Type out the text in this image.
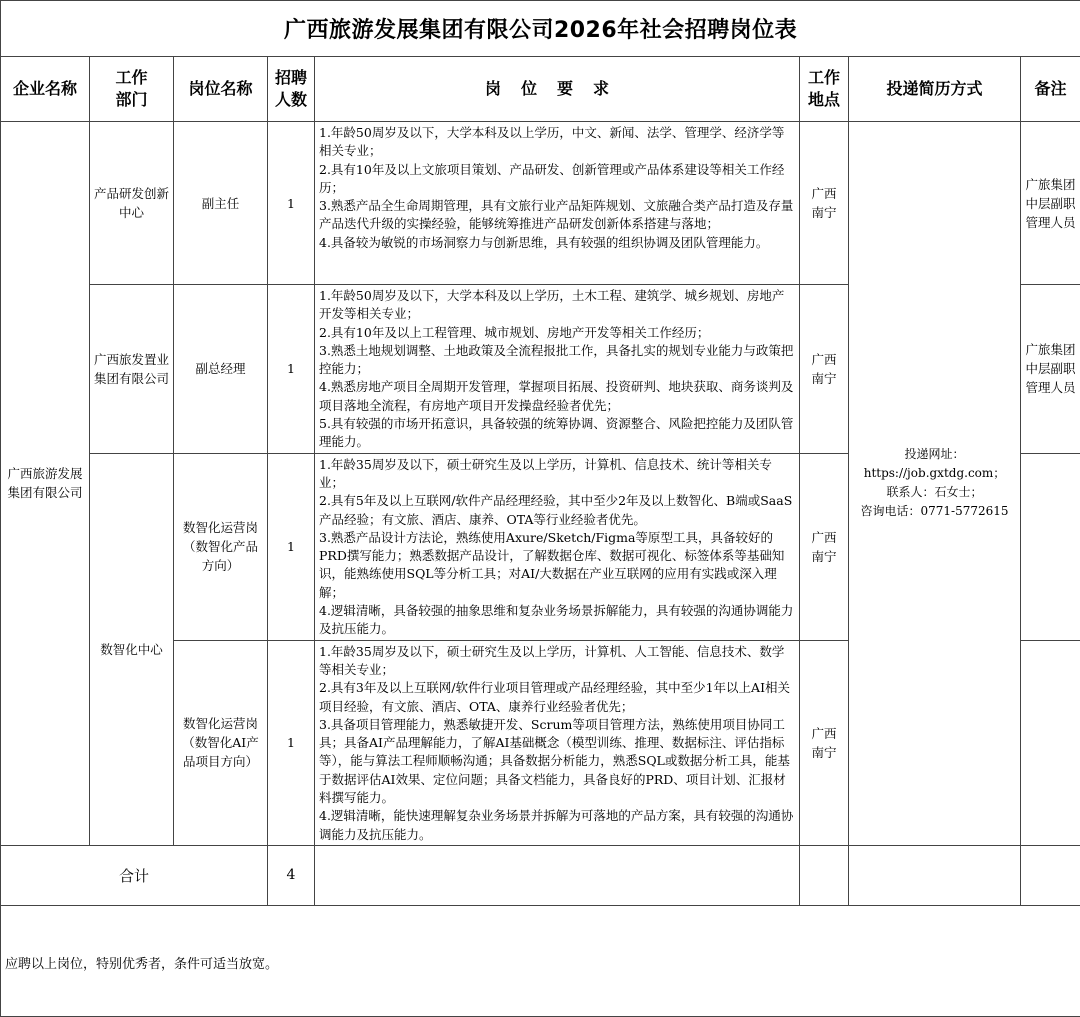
广西旅游发展集团有限公司2026年社会招聘岗位表							
企业名称	工作部门	岗位名称	招聘人数	岗位要求	工作地点	投递简历方式	备注
广西旅游发展集团有限公司	产品研发创新中心	副主任	1	1.年龄50周岁及以下，大学本科及以上学历，中文、新闻、法学、管理学、经济学等相关专业；
2.具有10年及以上文旅项目策划、产品研发、创新管理或产品体系建设等相关工作经历；
3.熟悉产品全生命周期管理，具有文旅行业产品矩阵规划、文旅融合类产品打造及存量产品迭代升级的实操经验，能够统筹推进产品研发创新体系搭建与落地；
4.具备较为敏锐的市场洞察力与创新思维，具有较强的组织协调及团队管理能力。	广西南宁	投递网址：
https://job.gxtdg.com；
联系人：石女士；
咨询电话：0771-5772615	广旅集团中层副职管理人员
	广西旅发置业集团有限公司	副总经理	1	1.年龄50周岁及以下，大学本科及以上学历，土木工程、建筑学、城乡规划、房地产开发等相关专业；
2.具有10年及以上工程管理、城市规划、房地产开发等相关工作经历；
3.熟悉土地规划调整、土地政策及全流程报批工作，具备扎实的规划专业能力与政策把控能力；
4.熟悉房地产项目全周期开发管理，掌握项目拓展、投资研判、地块获取、商务谈判及项目落地全流程，有房地产项目开发操盘经验者优先；
5.具有较强的市场开拓意识，具备较强的统筹协调、资源整合、风险把控能力及团队管理能力。	广西南宁		广旅集团中层副职管理人员
	数智化中心	数智化运营岗（数智化产品方向）	1	1.年龄35周岁及以下，硕士研究生及以上学历，计算机、信息技术、统计等相关专业；
2.具有5年及以上互联网/软件产品经理经验，其中至少2年及以上数智化、B端或SaaS产品经验；有文旅、酒店、康养、OTA等行业经验者优先。
3.熟悉产品设计方法论，熟练使用Axure/Sketch/Figma等原型工具，具备较好的PRD撰写能力；熟悉数据产品设计，了解数据仓库、数据可视化、标签体系等基础知识，能熟练使用SQL等分析工具；对AI/大数据在产业互联网的应用有实践或深入理解；
4.逻辑清晰，具备较强的抽象思维和复杂业务场景拆解能力，具有较强的沟通协调能力及抗压能力。	广西南宁		

		数智化运营岗（数智化AI产品项目方向）	1	1.年龄35周岁及以下，硕士研究生及以上学历，计算机、人工智能、信息技术、数学等相关专业；
2.具有3年及以上互联网/软件行业项目管理或产品经理经验，其中至少1年以上AI相关项目经验，有文旅、酒店、OTA、康养行业经验者优先；
3.具备项目管理能力，熟悉敏捷开发、Scrum等项目管理方法，熟练使用项目协同工具；具备AI产品理解能力，了解AI基础概念（模型训练、推理、数据标注、评估指标等），能与算法工程师顺畅沟通；具备数据分析能力，熟悉SQL或数据分析工具，能基于数据评估AI效果、定位问题；具备文档能力，具备良好的PRD、项目计划、汇报材料撰写能力。
4.逻辑清晰，能快速理解复杂业务场景并拆解为可落地的产品方案，具有较强的沟通协调能力及抗压能力。	广西南宁		

合计			4				
应聘以上岗位，特别优秀者，条件可适当放宽。							
